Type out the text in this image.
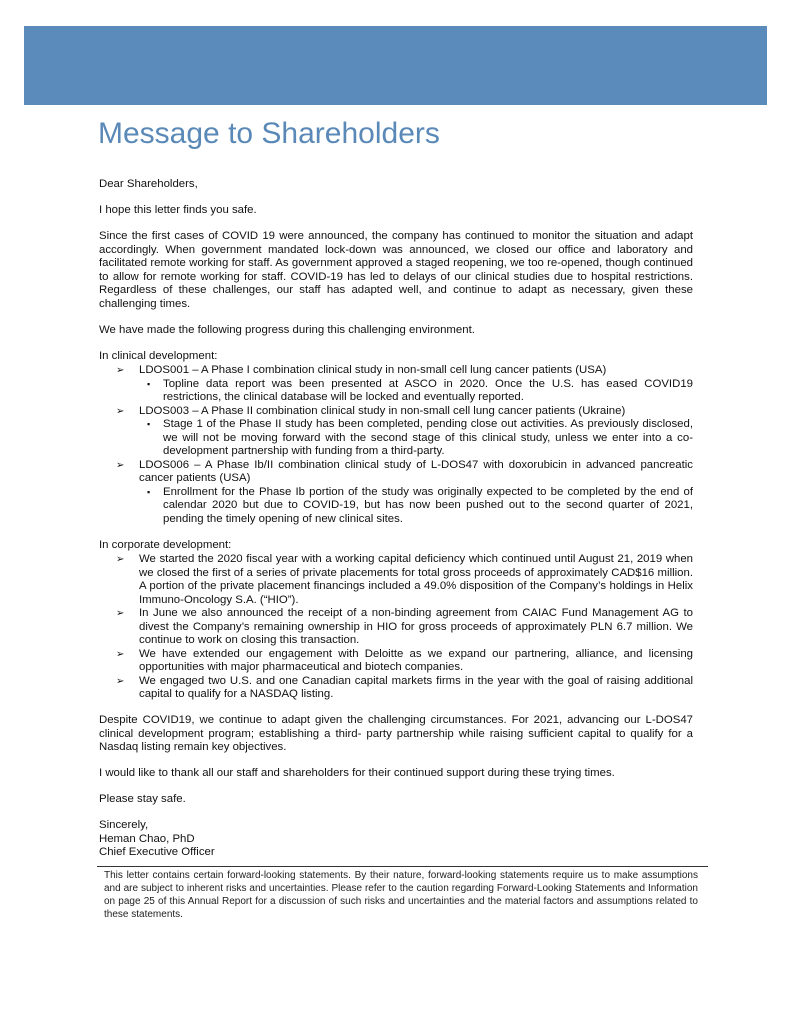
Message to Shareholders

Dear Shareholders,

I hope this letter finds you safe.

Since the first cases of COVID 19 were announced, the company has continued to monitor the situation and adapt accordingly. When government mandated lock-down was announced, we closed our office and laboratory and facilitated remote working for staff. As government approved a staged reopening, we too re-opened, though continued to allow for remote working for staff. COVID-19 has led to delays of our clinical studies due to hospital restrictions. Regardless of these challenges, our staff has adapted well, and continue to adapt as necessary, given these challenging times.

We have made the following progress during this challenging environment.

In clinical development:
➢ LDOS001 – A Phase I combination clinical study in non-small cell lung cancer patients (USA)
▪ Topline data report was been presented at ASCO in 2020. Once the U.S. has eased COVID19 restrictions, the clinical database will be locked and eventually reported.
➢ LDOS003 – A Phase II combination clinical study in non-small cell lung cancer patients (Ukraine)
▪ Stage 1 of the Phase II study has been completed, pending close out activities. As previously disclosed, we will not be moving forward with the second stage of this clinical study, unless we enter into a co-development partnership with funding from a third-party.
➢ LDOS006 – A Phase Ib/II combination clinical study of L-DOS47 with doxorubicin in advanced pancreatic cancer patients (USA)
▪ Enrollment for the Phase Ib portion of the study was originally expected to be completed by the end of calendar 2020 but due to COVID-19, but has now been pushed out to the second quarter of 2021, pending the timely opening of new clinical sites.
In corporate development:
➢ We started the 2020 fiscal year with a working capital deficiency which continued until August 21, 2019 when we closed the first of a series of private placements for total gross proceeds of approximately CAD$16 million. A portion of the private placement financings included a 49.0% disposition of the Company’s holdings in Helix Immuno-Oncology S.A. (“HIO”).
➢ In June we also announced the receipt of a non-binding agreement from CAIAC Fund Management AG to divest the Company’s remaining ownership in HIO for gross proceeds of approximately PLN 6.7 million. We continue to work on closing this transaction.
➢ We have extended our engagement with Deloitte as we expand our partnering, alliance, and licensing opportunities with major pharmaceutical and biotech companies.
➢ We engaged two U.S. and one Canadian capital markets firms in the year with the goal of raising additional capital to qualify for a NASDAQ listing.

Despite COVID19, we continue to adapt given the challenging circumstances. For 2021, advancing our L-DOS47 clinical development program; establishing a third- party partnership while raising sufficient capital to qualify for a Nasdaq listing remain key objectives.

I would like to thank all our staff and shareholders for their continued support during these trying times.

Please stay safe.

Sincerely,

Heman Chao, PhD

Chief Executive Officer

This letter contains certain forward-looking statements. By their nature, forward-looking statements require us to make assumptions and are subject to inherent risks and uncertainties. Please refer to the caution regarding Forward-Looking Statements and Information on page 25 of this Annual Report for a discussion of such risks and uncertainties and the material factors and assumptions related to these statements.
